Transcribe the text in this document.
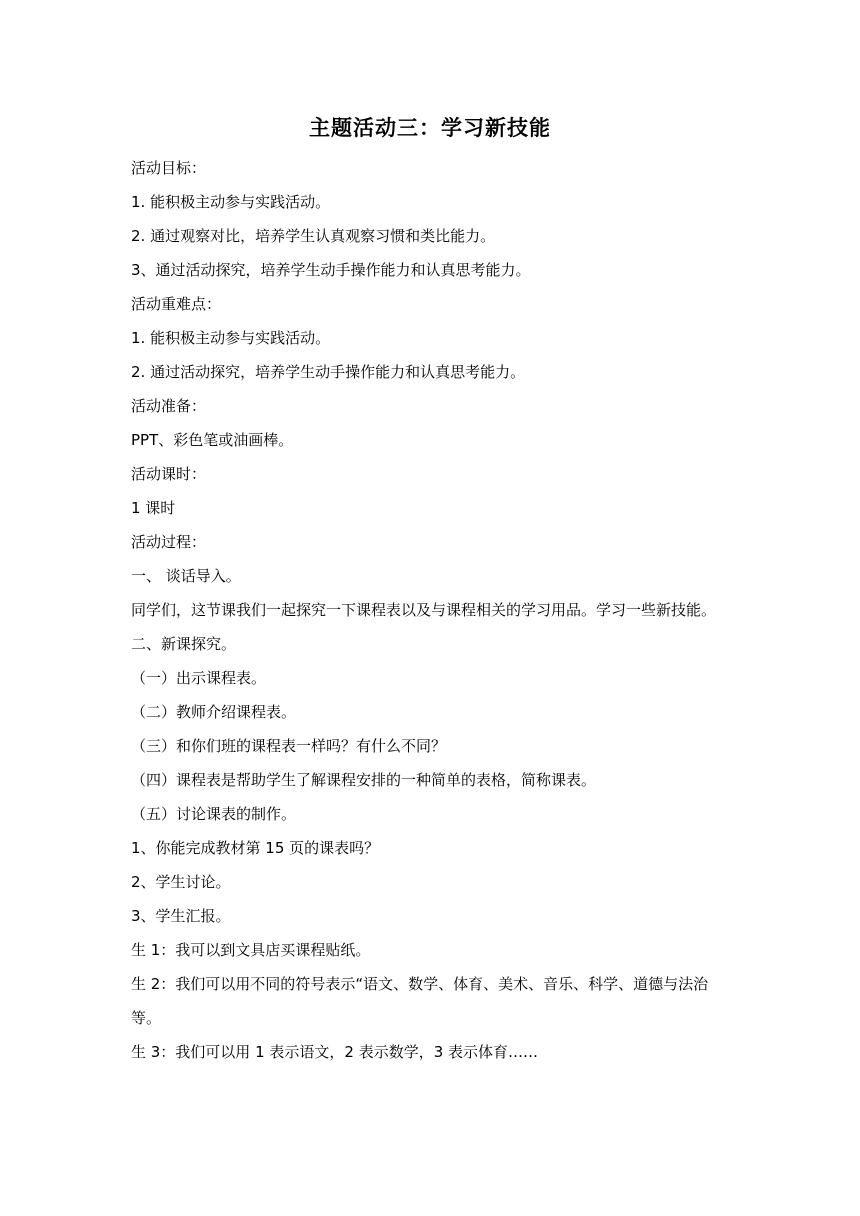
主题活动三：学习新技能
活动目标：
1. 能积极主动参与实践活动。
2. 通过观察对比，培养学生认真观察习惯和类比能力。
3、通过活动探究，培养学生动手操作能力和认真思考能力。
活动重难点：
1. 能积极主动参与实践活动。
2. 通过活动探究，培养学生动手操作能力和认真思考能力。
活动准备：
PPT、彩色笔或油画棒。
活动课时：
1 课时
活动过程：
一、 谈话导入。
同学们，这节课我们一起探究一下课程表以及与课程相关的学习用品。学习一些新技能。
二、新课探究。
（一）出示课程表。
（二）教师介绍课程表。
（三）和你们班的课程表一样吗？有什么不同？
（四）课程表是帮助学生了解课程安排的一种简单的表格，简称课表。
（五）讨论课表的制作。
1、你能完成教材第 15 页的课表吗？
2、学生讨论。
3、学生汇报。
生 1：我可以到文具店买课程贴纸。
生 2：我们可以用不同的符号表示“语文、数学、体育、美术、音乐、科学、道德与法治等。
生 3：我们可以用 1 表示语文，2 表示数学，3 表示体育……
